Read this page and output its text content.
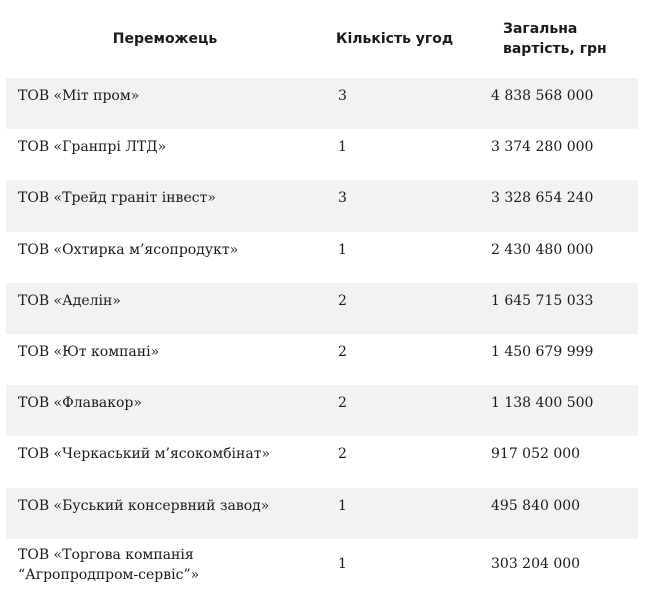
Переможець	Кількість угод	Загальна
вартість, грн

ТОВ «Міт пром»	3	4 838 568 000
ТОВ «Гранпрі ЛТД»	1	3 374 280 000
ТОВ «Трейд граніт інвест»	3	3 328 654 240
ТОВ «Охтирка м’ясопродукт»	1	2 430 480 000
ТОВ «Аделін»	2	1 645 715 033
ТОВ «Ют компані»	2	1 450 679 999
ТОВ «Флавакор»	2	1 138 400 500
ТОВ «Черкаський м’ясокомбінат»	2	917 052 000
ТОВ «Буський консервний завод»	1	495 840 000

ТОВ «Торгова компанія
“Агропродпром-сервіс”»	1	303 204 000
